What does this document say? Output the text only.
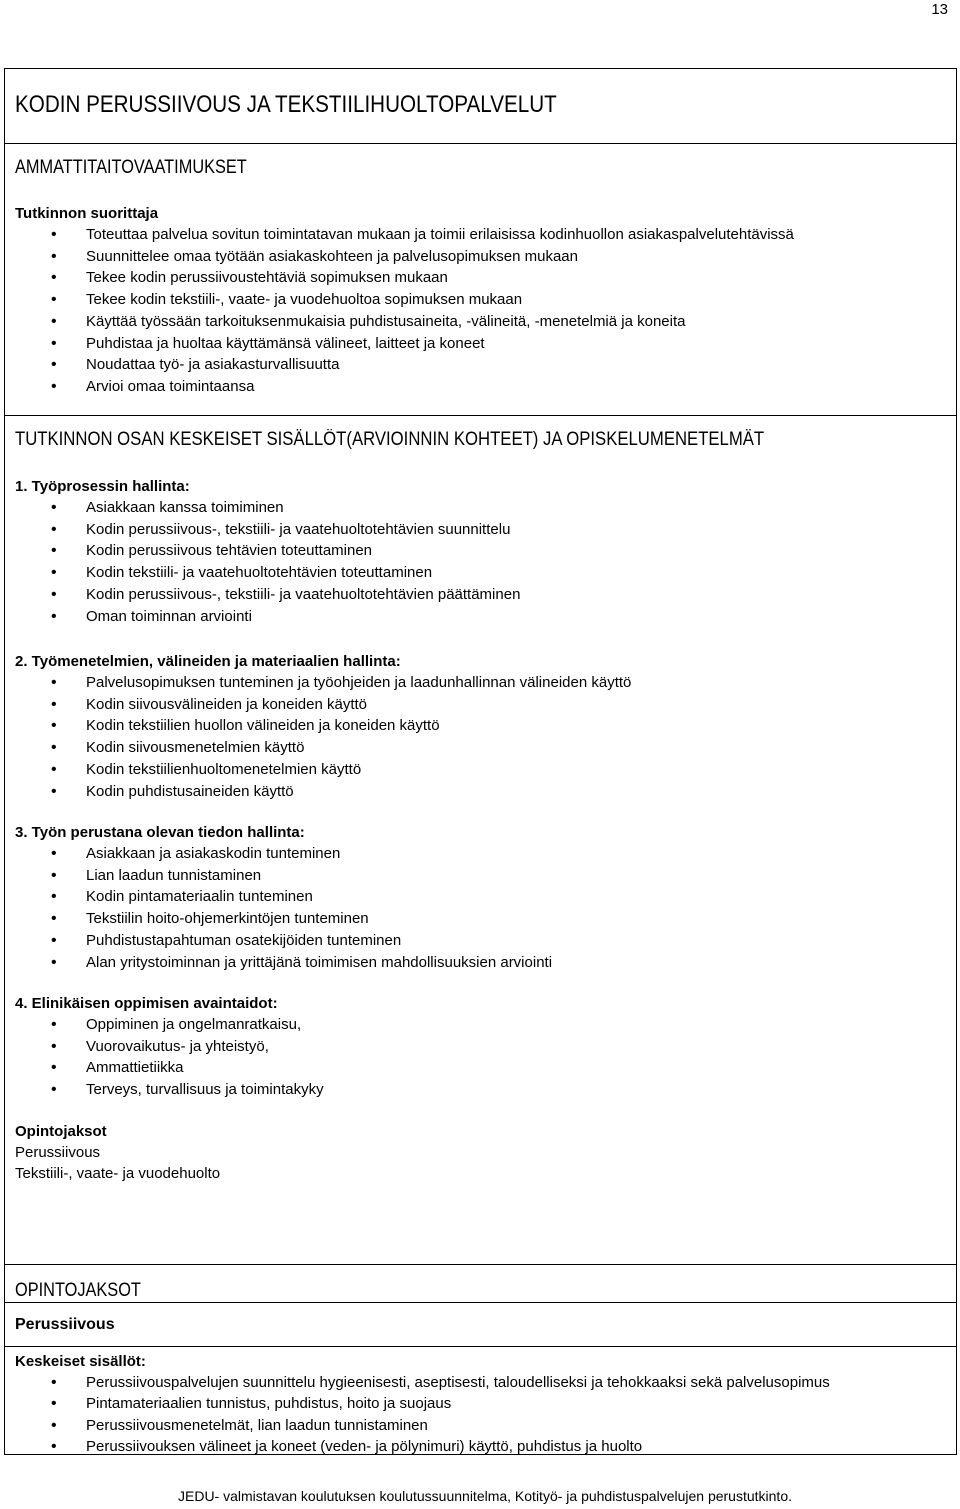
13
KODIN PERUSSIIVOUS JA TEKSTIILIHUOLTOPALVELUT
AMMATTITAITOVAATIMUKSET
Tutkinnon suorittaja
• Toteuttaa palvelua sovitun toimintatavan mukaan ja toimii erilaisissa kodinhuollon asiakaspalvelutehtävissä
• Suunnittelee omaa työtään asiakaskohteen ja palvelusopimuksen mukaan
• Tekee kodin perussiivoustehtäviä sopimuksen mukaan
• Tekee kodin tekstiili-, vaate- ja vuodehuoltoa sopimuksen mukaan
• Käyttää työssään tarkoituksenmukaisia puhdistusaineita, -välineitä, -menetelmiä ja koneita
• Puhdistaa ja huoltaa käyttämänsä välineet, laitteet ja koneet
• Noudattaa työ- ja asiakasturvallisuutta
• Arvioi omaa toimintaansa
TUTKINNON OSAN KESKEISET SISÄLLÖT(ARVIOINNIN KOHTEET) JA OPISKELUMENETELMÄT
1. Työprosessin hallinta:
• Asiakkaan kanssa toimiminen
• Kodin perussiivous-, tekstiili- ja vaatehuoltotehtävien suunnittelu
• Kodin perussiivous tehtävien toteuttaminen
• Kodin tekstiili- ja vaatehuoltotehtävien toteuttaminen
• Kodin perussiivous-, tekstiili- ja vaatehuoltotehtävien päättäminen
• Oman toiminnan arviointi
2. Työmenetelmien, välineiden ja materiaalien hallinta:
• Palvelusopimuksen tunteminen ja työohjeiden ja laadunhallinnan välineiden käyttö
• Kodin siivousvälineiden ja koneiden käyttö
• Kodin tekstiilien huollon välineiden ja koneiden käyttö
• Kodin siivousmenetelmien käyttö
• Kodin tekstiilienhuoltomenetelmien käyttö
• Kodin puhdistusaineiden käyttö
3. Työn perustana olevan tiedon hallinta:
• Asiakkaan ja asiakaskodin tunteminen
• Lian laadun tunnistaminen
• Kodin pintamateriaalin tunteminen
• Tekstiilin hoito-ohjemerkintöjen tunteminen
• Puhdistustapahtuman osatekijöiden tunteminen
• Alan yritystoiminnan ja yrittäjänä toimimisen mahdollisuuksien arviointi
4. Elinikäisen oppimisen avaintaidot:
• Oppiminen ja ongelmanratkaisu,
• Vuorovaikutus- ja yhteistyö,
• Ammattietiikka
• Terveys, turvallisuus ja toimintakyky
Opintojaksot
Perussiivous
Tekstiili-, vaate- ja vuodehuolto
OPINTOJAKSOT
Perussiivous
Keskeiset sisällöt:
• Perussiivouspalvelujen suunnittelu hygieenisesti, aseptisesti, taloudelliseksi ja tehokkaaksi sekä palvelusopimus
• Pintamateriaalien tunnistus, puhdistus, hoito ja suojaus
• Perussiivousmenetelmät, lian laadun tunnistaminen
• Perussiivouksen välineet ja koneet (veden- ja pölynimuri) käyttö, puhdistus ja huolto
JEDU- valmistavan koulutuksen koulutussuunnitelma, Kotityö- ja puhdistuspalvelujen perustutkinto.
